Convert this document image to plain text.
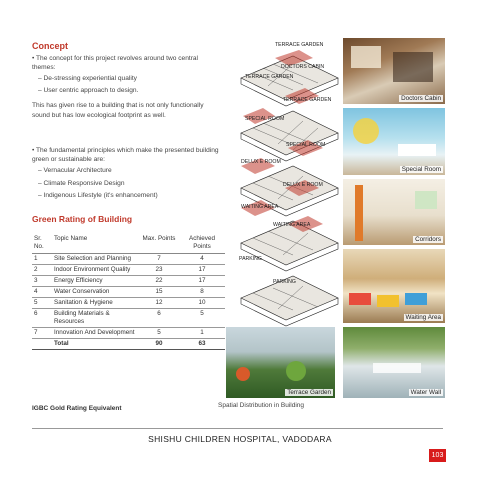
Concept
• The concept for this project revolves around two central themes:
– De-stressing experiential quality
– User centric approach to design.
This has given rise to a building that is not only functionally sound but has low ecological footprint as well.
• The fundamental principles which make the presented building green or sustainable are:
– Vernacular Architecture
– Climate Responsive Design
– Indigenous Lifestyle (it's enhancement)
Green Rating of Building
Sr. No.	Topic Name	Max. Points	Achieved Points
1	Site Selection and Planning	7	4
2	Indoor Environment Quality	23	17
3	Energy Efficiency	22	17
4	Water Conservation	15	8
5	Sanitation & Hygiene	12	10
6	Building Materials & Resources	6	5
7	Innovation And Development	5	1
	Total	90	63
IGBC Gold Rating Equivalent
TERRACE GARDEN
DOCTORS CABIN
TERRACE GARDEN
TERRACE GARDEN
SPECIAL ROOM
SPECIAL ROOM
DELUX E ROOM
DELUX E ROOM
WAITING AREA
WAITING AREA
PARKING
PARKING
Spatial Distribution in Building
Doctors Cabin
Special Room
Corridors
Waiting Area
Terrace Garden	Water Wall
SHISHU CHILDREN HOSPITAL, VADODARA
103
